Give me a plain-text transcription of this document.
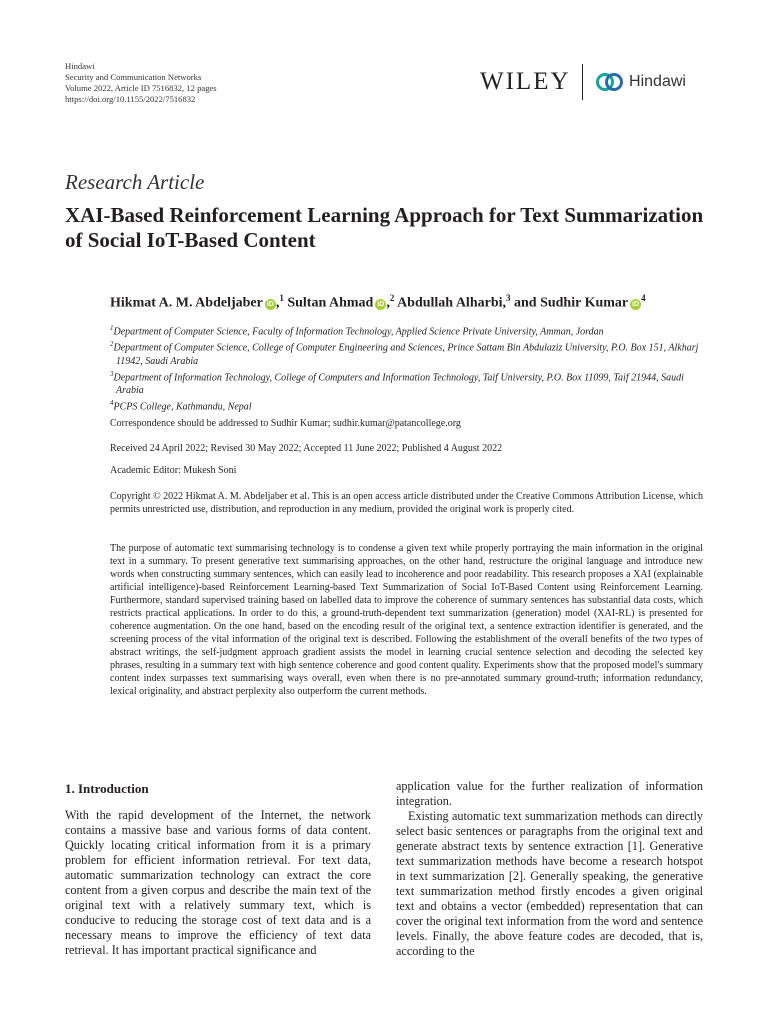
Hindawi
Security and Communication Networks
Volume 2022, Article ID 7516832, 12 pages
https://doi.org/10.1155/2022/7516832
WILEY	Hindawi
Research Article
XAI-Based Reinforcement Learning Approach for Text Summarization of Social IoT-Based Content
Hikmat A. M. Abdeljaber iD ,$^1$ Sultan Ahmad iD ,$^2$ Abdullah Alharbi,$^3$ and Sudhir Kumar $iD^4$
$^1$Department of Computer Science, Faculty of Information Technology, Applied Science Private University, Amman, Jordan
$^2$Department of Computer Science, College of Computer Engineering and Sciences, Prince Sattam Bin Abdulaziz University, P.O. Box 151, Alkharj 11942, Saudi Arabia
$^3$Department of Information Technology, College of Computers and Information Technology, Taif University, P.O. Box 11099, Taif 21944, Saudi Arabia
$^4$PCPS College, Kathmandu, Nepal
Correspondence should be addressed to Sudhir Kumar; sudhir.kumar@patancollege.org
Received 24 April 2022; Revised 30 May 2022; Accepted 11 June 2022; Published 4 August 2022
Academic Editor: Mukesh Soni
Copyright © 2022 Hikmat A. M. Abdeljaber et al. This is an open access article distributed under the Creative Commons Attribution License, which permits unrestricted use, distribution, and reproduction in any medium, provided the original work is properly cited.
The purpose of automatic text summarising technology is to condense a given text while properly portraying the main information in the original text in a summary. To present generative text summarising approaches, on the other hand, restructure the original language and introduce new words when constructing summary sentences, which can easily lead to incoherence and poor readability. This research proposes a XAI (explainable artificial intelligence)-based Reinforcement Learning-based Text Summarization of Social IoT-Based Content using Reinforcement Learning. Furthermore, standard supervised training based on labelled data to improve the coherence of summary sentences has substantial data costs, which restricts practical applications. In order to do this, a ground-truth-dependent text summarization (generation) model (XAI-RL) is presented for coherence augmentation. On the one hand, based on the encoding result of the original text, a sentence extraction identifier is generated, and the screening process of the vital information of the original text is described. Following the establishment of the overall benefits of the two types of abstract writings, the self-judgment approach gradient assists the model in learning crucial sentence selection and decoding the selected key phrases, resulting in a summary text with high sentence coherence and good content quality. Experiments show that the proposed model's summary content index surpasses text summarising ways overall, even when there is no pre-annotated summary ground-truth; information redundancy, lexical originality, and abstract perplexity also outperform the current methods.
1. Introduction
With the rapid development of the Internet, the network contains a massive base and various forms of data content. Quickly locating critical information from it is a primary problem for efficient information retrieval. For text data, automatic summarization technology can extract the core content from a given corpus and describe the main text of the original text with a relatively summary text, which is conducive to reducing the storage cost of text data and is a necessary means to improve the efficiency of text data retrieval. It has important practical significance and

application value for the further realization of information integration.

Existing automatic text summarization methods can directly select basic sentences or paragraphs from the original text and generate abstract texts by sentence extraction [1]. Generative text summarization methods have become a research hotspot in text summarization [2]. Generally speaking, the generative text summarization method firstly encodes a given original text and obtains a vector (embedded) representation that can cover the original text information from the word and sentence levels. Finally, the above feature codes are decoded, that is, according to the
